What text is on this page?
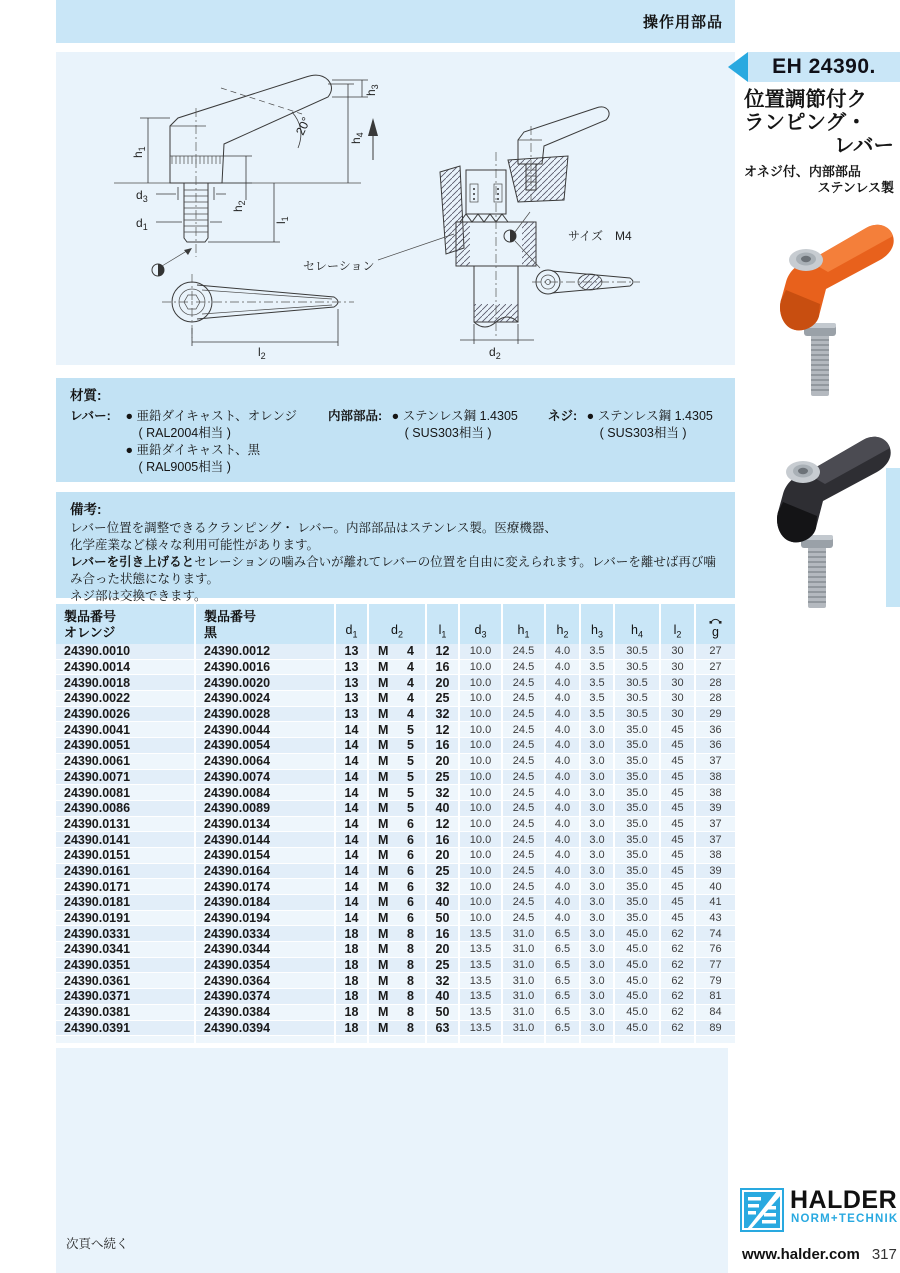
操作用部品
$h_1$
$h_3$
$h_4$
$h_2$
$l_1$
$d_3$
$d_1$
20°
$l_2$	$d_2$
セレーション
サイズ　M4
材質:
レバー: ● 亜鉛ダイキャスト、オレンジ
( RAL2004相当 )
● 亜鉛ダイキャスト、黒
( RAL9005相当 )
内部部品: ● ステンレス鋼 1.4305
( SUS303相当 )
ネジ: ● ステンレス鋼 1.4305
( SUS303相当 )
備考:
レバー位置を調整できるクランピング・ レバー。内部部品はステンレス製。医療機器、
化学産業など様々な利用可能性があります。
レバーを引き上げるとセレーションの噛み合いが離れてレバーの位置を自由に変えられます。レバーを離せば再び噛
み合った状態になります。
ネジ部は交換できます。
製品番号
オレンジ

製品番号
黒	$d_1$	$d_2$	$l_1$	$d_3$	$h_1$	$h_2$	$h_3$	$h_4$	$l_2$	g
24390.0010	24390.0012	13	M 4	12	10.0	24.5	4.0	3.5	30.5	30	27
24390.0014	24390.0016	13	M 4	16	10.0	24.5	4.0	3.5	30.5	30	27
24390.0018	24390.0020	13	M 4	20	10.0	24.5	4.0	3.5	30.5	30	28
24390.0022	24390.0024	13	M 4	25	10.0	24.5	4.0	3.5	30.5	30	28
24390.0026	24390.0028	13	M 4	32	10.0	24.5	4.0	3.5	30.5	30	29
24390.0041	24390.0044	14	M 5	12	10.0	24.5	4.0	3.0	35.0	45	36
24390.0051	24390.0054	14	M 5	16	10.0	24.5	4.0	3.0	35.0	45	36
24390.0061	24390.0064	14	M 5	20	10.0	24.5	4.0	3.0	35.0	45	37
24390.0071	24390.0074	14	M 5	25	10.0	24.5	4.0	3.0	35.0	45	38
24390.0081	24390.0084	14	M 5	32	10.0	24.5	4.0	3.0	35.0	45	38
24390.0086	24390.0089	14	M 5	40	10.0	24.5	4.0	3.0	35.0	45	39
24390.0131	24390.0134	14	M 6	12	10.0	24.5	4.0	3.0	35.0	45	37
24390.0141	24390.0144	14	M 6	16	10.0	24.5	4.0	3.0	35.0	45	37
24390.0151	24390.0154	14	M 6	20	10.0	24.5	4.0	3.0	35.0	45	38
24390.0161	24390.0164	14	M 6	25	10.0	24.5	4.0	3.0	35.0	45	39
24390.0171	24390.0174	14	M 6	32	10.0	24.5	4.0	3.0	35.0	45	40
24390.0181	24390.0184	14	M 6	40	10.0	24.5	4.0	3.0	35.0	45	41
24390.0191	24390.0194	14	M 6	50	10.0	24.5	4.0	3.0	35.0	45	43
24390.0331	24390.0334	18	M 8	16	13.5	31.0	6.5	3.0	45.0	62	74
24390.0341	24390.0344	18	M 8	20	13.5	31.0	6.5	3.0	45.0	62	76
24390.0351	24390.0354	18	M 8	25	13.5	31.0	6.5	3.0	45.0	62	77
24390.0361	24390.0364	18	M 8	32	13.5	31.0	6.5	3.0	45.0	62	79
24390.0371	24390.0374	18	M 8	40	13.5	31.0	6.5	3.0	45.0	62	81
24390.0381	24390.0384	18	M 8	50	13.5	31.0	6.5	3.0	45.0	62	84
24390.0391	24390.0394	18	M 8	63	13.5	31.0	6.5	3.0	45.0	62	89

次頁へ続く
EH 24390.
位置調節付ク
ランピング・
レバー
オネジ付、内部部品
ステンレス製
HALDER
NORM+TECHNIK
www.halder.com 317
